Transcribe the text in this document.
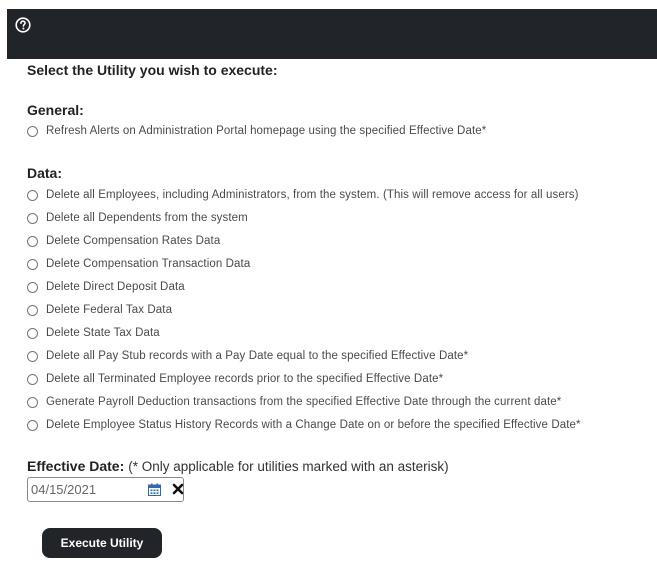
Select the Utility you wish to execute:
General:
Refresh Alerts on Administration Portal homepage using the specified Effective Date*
Data:
Delete all Employees, including Administrators, from the system. (This will remove access for all users)
Delete all Dependents from the system
Delete Compensation Rates Data
Delete Compensation Transaction Data
Delete Direct Deposit Data
Delete Federal Tax Data
Delete State Tax Data
Delete all Pay Stub records with a Pay Date equal to the specified Effective Date*
Delete all Terminated Employee records prior to the specified Effective Date*
Generate Payroll Deduction transactions from the specified Effective Date through the current date*
Delete Employee Status History Records with a Change Date on or before the specified Effective Date*
Effective Date: (* Only applicable for utilities marked with an asterisk)
04/15/2021
Execute Utility
